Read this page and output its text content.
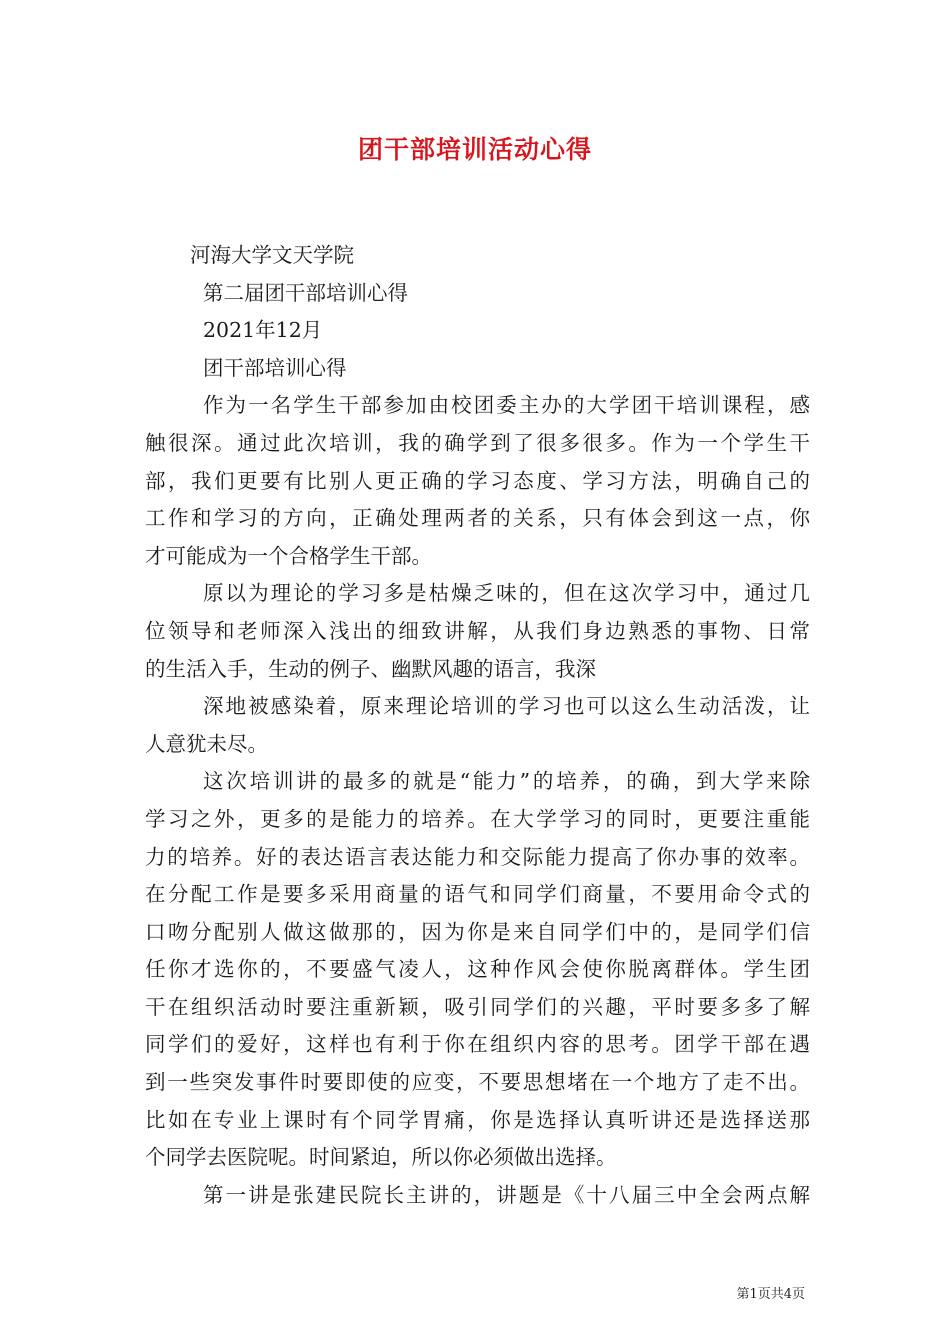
团干部培训活动心得
河海大学文天学院
第二届团干部培训心得
2021年12月
团干部培训心得
作为一名学生干部参加由校团委主办的大学团干培训课程，感
触很深。通过此次培训，我的确学到了很多很多。作为一个学生干
部，我们更要有比别人更正确的学习态度、学习方法，明确自己的
工作和学习的方向，正确处理两者的关系，只有体会到这一点，你
才可能成为一个合格学生干部。
原以为理论的学习多是枯燥乏味的，但在这次学习中，通过几
位领导和老师深入浅出的细致讲解，从我们身边熟悉的事物、日常
的生活入手，生动的例子、幽默风趣的语言，我深
深地被感染着，原来理论培训的学习也可以这么生动活泼，让
人意犹未尽。
这次培训讲的最多的就是“能力”的培养，的确，到大学来除
学习之外，更多的是能力的培养。在大学学习的同时，更要注重能
力的培养。好的表达语言表达能力和交际能力提高了你办事的效率。
在分配工作是要多采用商量的语气和同学们商量，不要用命令式的
口吻分配别人做这做那的，因为你是来自同学们中的，是同学们信
任你才选你的，不要盛气凌人，这种作风会使你脱离群体。学生团
干在组织活动时要注重新颖，吸引同学们的兴趣，平时要多多了解
同学们的爱好，这样也有利于你在组织内容的思考。团学干部在遇
到一些突发事件时要即使的应变，不要思想堵在一个地方了走不出。
比如在专业上课时有个同学胃痛，你是选择认真听讲还是选择送那
个同学去医院呢。时间紧迫，所以你必须做出选择。
第一讲是张建民院长主讲的，讲题是《十八届三中全会两点解
第1页共4页
